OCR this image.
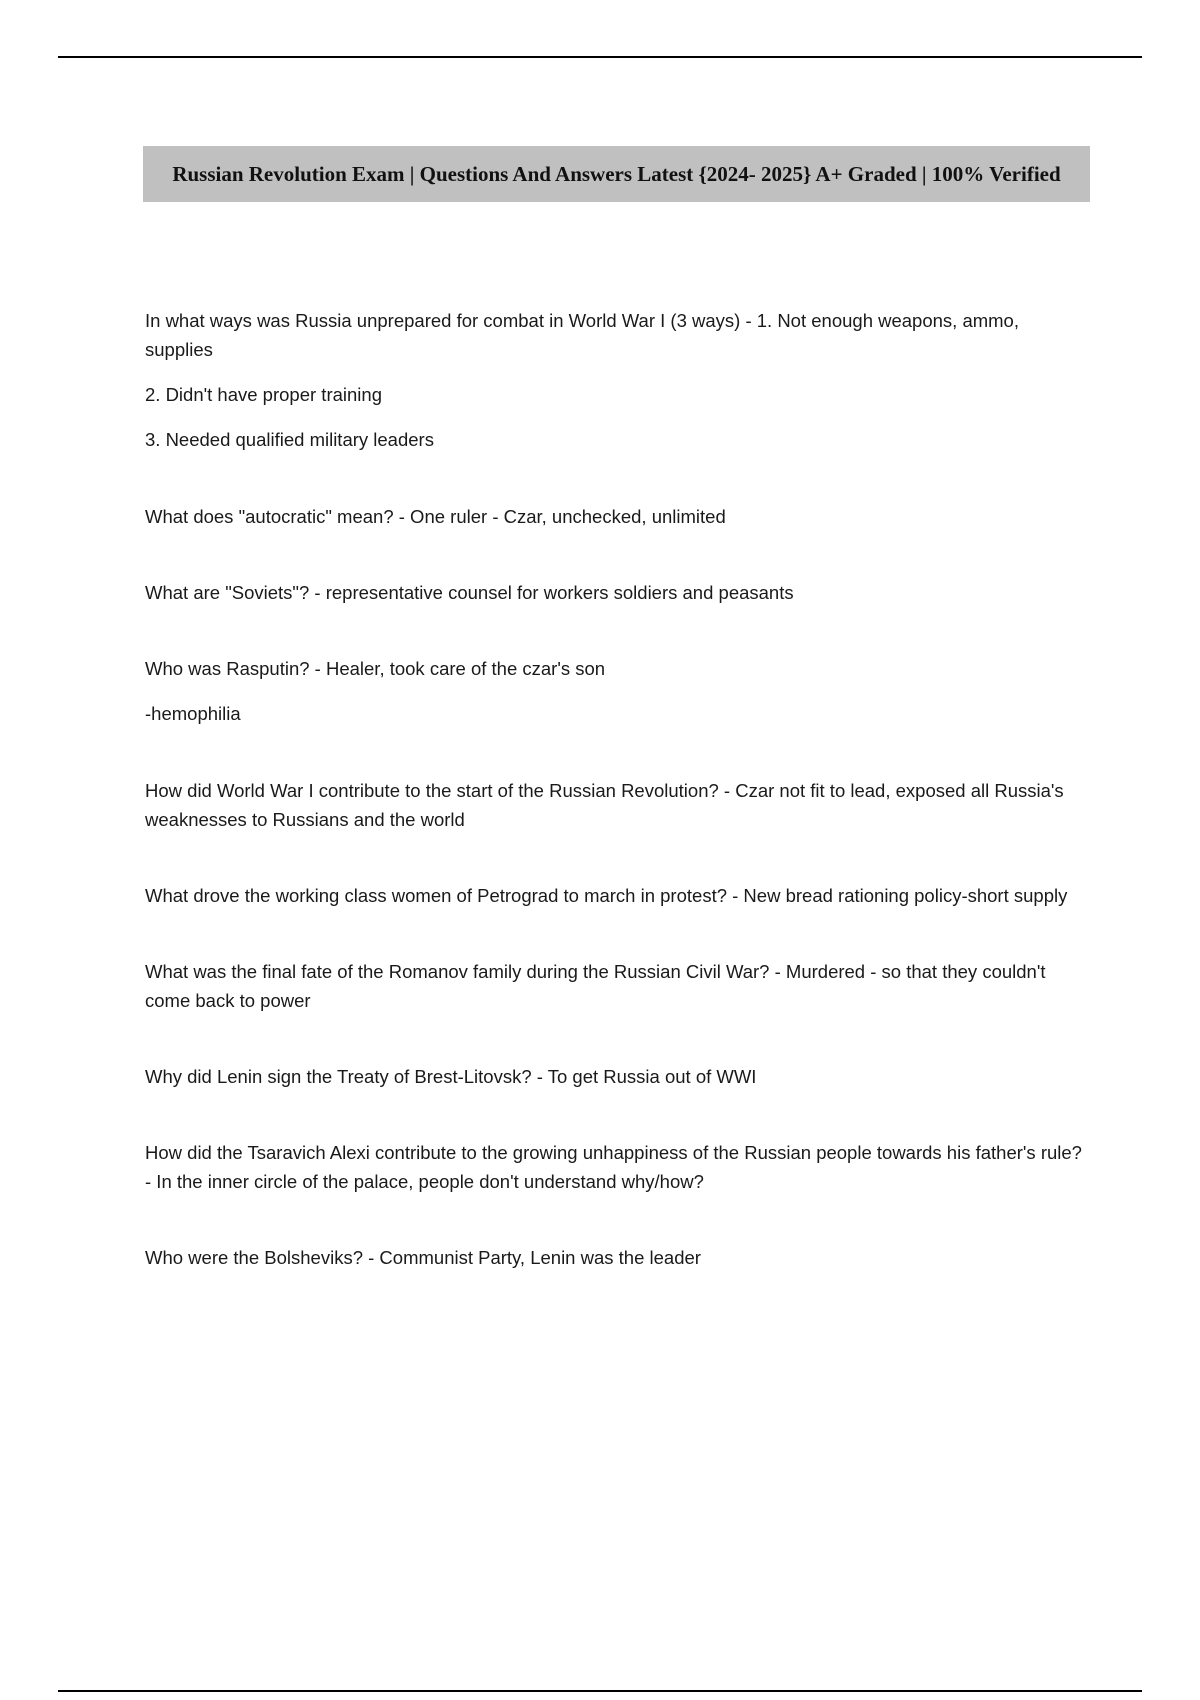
Russian Revolution Exam | Questions And Answers Latest {2024- 2025} A+ Graded | 100% Verified

In what ways was Russia unprepared for combat in World War I (3 ways) - 1. Not enough weapons, ammo, supplies

2. Didn't have proper training

3. Needed qualified military leaders

What does "autocratic" mean? - One ruler - Czar, unchecked, unlimited

What are "Soviets"? - representative counsel for workers soldiers and peasants

Who was Rasputin? - Healer, took care of the czar's son

-hemophilia

How did World War I contribute to the start of the Russian Revolution? - Czar not fit to lead, exposed all Russia's weaknesses to Russians and the world

What drove the working class women of Petrograd to march in protest? - New bread rationing policy-short supply

What was the final fate of the Romanov family during the Russian Civil War? - Murdered - so that they couldn't come back to power

Why did Lenin sign the Treaty of Brest-Litovsk? - To get Russia out of WWI

How did the Tsaravich Alexi contribute to the growing unhappiness of the Russian people towards his father's rule? - In the inner circle of the palace, people don't understand why/how?

Who were the Bolsheviks? - Communist Party, Lenin was the leader
